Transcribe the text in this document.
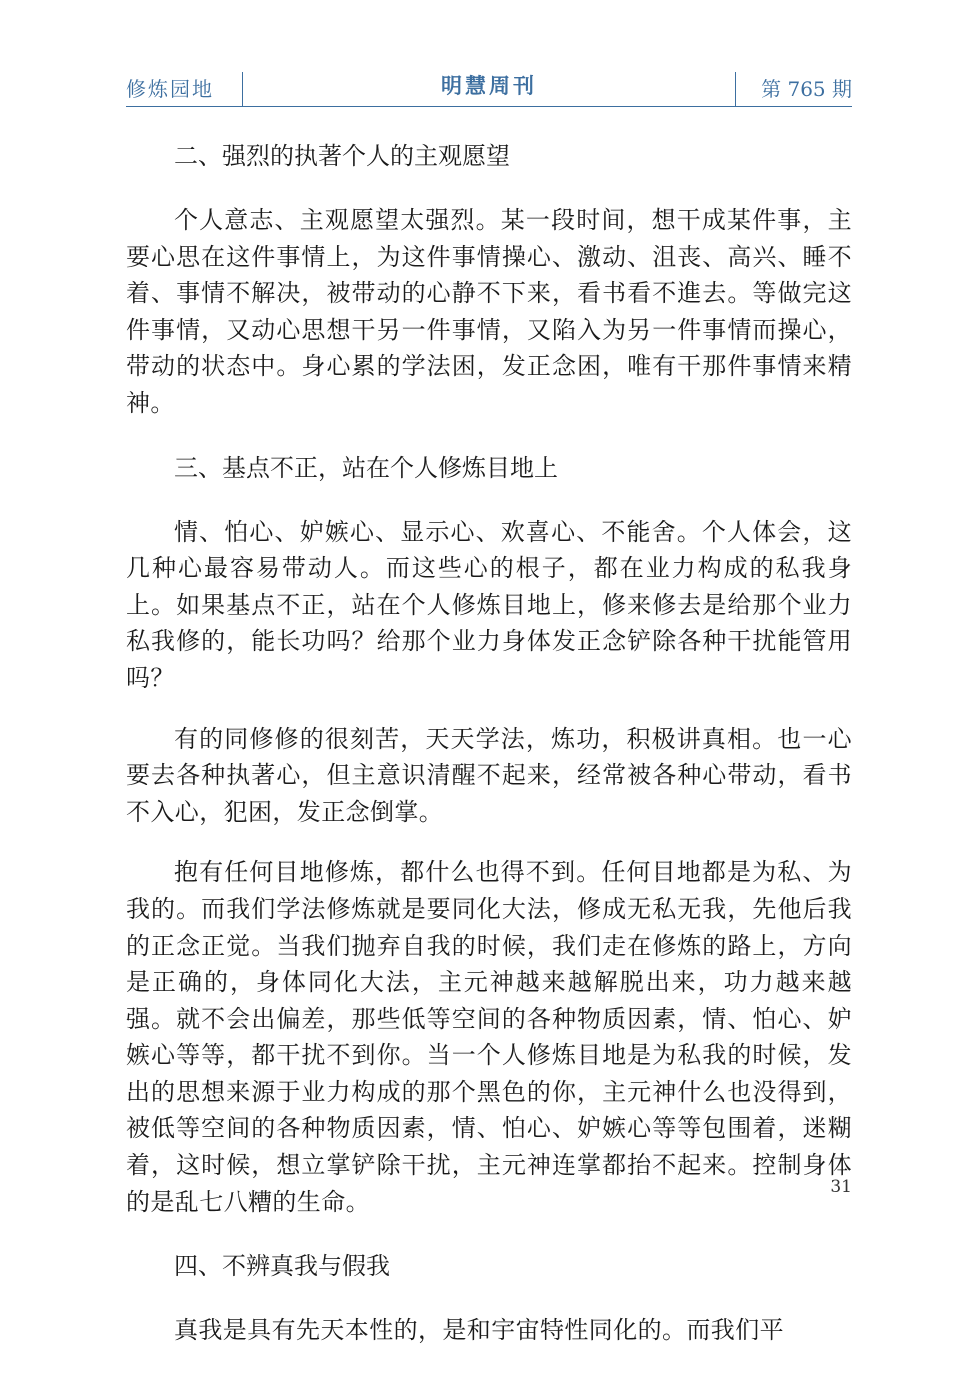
修炼园地	明慧周刊	第 765 期
二、强烈的执著个人的主观愿望

个人意志、主观愿望太强烈。某一段时间，想干成某件事，主要心思在这件事情上，为这件事情操心、激动、沮丧、高兴、睡不着、事情不解决，被带动的心静不下来，看书看不進去。等做完这件事情，又动心思想干另一件事情，又陷入为另一件事情而操心，带动的状态中。身心累的学法困，发正念困，唯有干那件事情来精神。

三、基点不正，站在个人修炼目地上

情、怕心、妒嫉心、显示心、欢喜心、不能舍。个人体会，这几种心最容易带动人。而这些心的根子，都在业力构成的私我身上。如果基点不正，站在个人修炼目地上，修来修去是给那个业力私我修的，能长功吗？给那个业力身体发正念铲除各种干扰能管用吗？

有的同修修的很刻苦，天天学法，炼功，积极讲真相。也一心要去各种执著心，但主意识清醒不起来，经常被各种心带动，看书不入心，犯困，发正念倒掌。

抱有任何目地修炼，都什么也得不到。任何目地都是为私、为我的。而我们学法修炼就是要同化大法，修成无私无我，先他后我的正念正觉。当我们抛弃自我的时候，我们走在修炼的路上，方向是正确的，身体同化大法，主元神越来越解脱出来，功力越来越强。就不会出偏差，那些低等空间的各种物质因素，情、怕心、妒嫉心等等，都干扰不到你。当一个人修炼目地是为私我的时候，发出的思想来源于业力构成的那个黑色的你，主元神什么也没得到，被低等空间的各种物质因素，情、怕心、妒嫉心等等包围着，迷糊着，这时候，想立掌铲除干扰，主元神连掌都抬不起来。控制身体的是乱七八糟的生命。

四、不辨真我与假我

真我是具有先天本性的，是和宇宙特性同化的。而我们平

31
